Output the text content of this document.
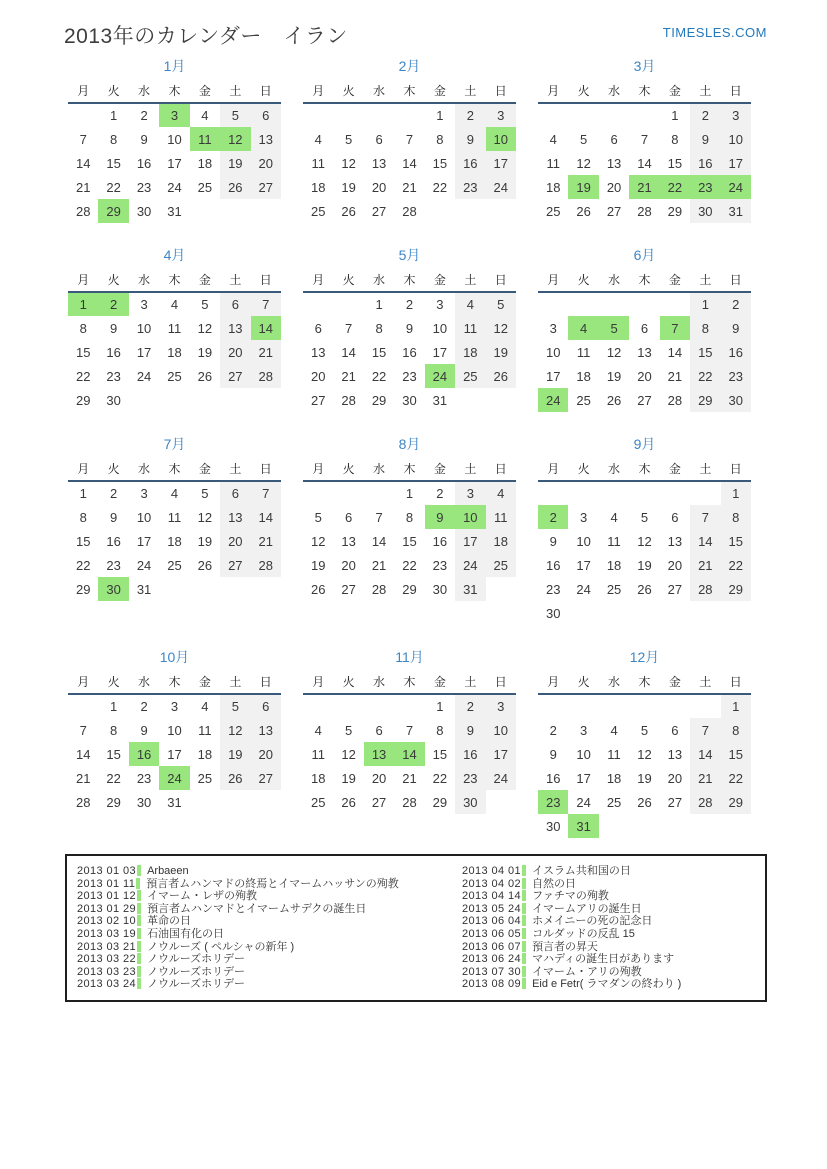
2013年のカレンダー　イラン	TIMESLES.COM
1月
月	火	水	木	金	土	日
	1	2	3	4	5	6
7	8	9	10	11	12	13
14	15	16	17	18	19	20
21	22	23	24	25	26	27
28	29	30	31			
2月
月	火	水	木	金	土	日
				1	2	3
4	5	6	7	8	9	10
11	12	13	14	15	16	17
18	19	20	21	22	23	24
25	26	27	28			
3月
月	火	水	木	金	土	日
				1	2	3
4	5	6	7	8	9	10
11	12	13	14	15	16	17
18	19	20	21	22	23	24
25	26	27	28	29	30	31
4月
月	火	水	木	金	土	日
1	2	3	4	5	6	7
8	9	10	11	12	13	14
15	16	17	18	19	20	21
22	23	24	25	26	27	28
29	30					
5月
月	火	水	木	金	土	日
		1	2	3	4	5
6	7	8	9	10	11	12
13	14	15	16	17	18	19
20	21	22	23	24	25	26
27	28	29	30	31		
6月
月	火	水	木	金	土	日
					1	2
3	4	5	6	7	8	9
10	11	12	13	14	15	16
17	18	19	20	21	22	23
24	25	26	27	28	29	30
7月
月	火	水	木	金	土	日
1	2	3	4	5	6	7
8	9	10	11	12	13	14
15	16	17	18	19	20	21
22	23	24	25	26	27	28
29	30	31				
8月
月	火	水	木	金	土	日
			1	2	3	4
5	6	7	8	9	10	11
12	13	14	15	16	17	18
19	20	21	22	23	24	25
26	27	28	29	30	31	
9月
月	火	水	木	金	土	日
						1
2	3	4	5	6	7	8
9	10	11	12	13	14	15
16	17	18	19	20	21	22
23	24	25	26	27	28	29
30						
10月
月	火	水	木	金	土	日
	1	2	3	4	5	6
7	8	9	10	11	12	13
14	15	16	17	18	19	20
21	22	23	24	25	26	27
28	29	30	31			
11月
月	火	水	木	金	土	日
				1	2	3
4	5	6	7	8	9	10
11	12	13	14	15	16	17
18	19	20	21	22	23	24
25	26	27	28	29	30	
12月
月	火	水	木	金	土	日
						1
2	3	4	5	6	7	8
9	10	11	12	13	14	15
16	17	18	19	20	21	22
23	24	25	26	27	28	29
30	31					
2013 01 03 Arbaeen
2013 01 11 預言者ムハンマドの終焉とイマームハッサンの殉教
2013 01 12 イマーム・レザの殉教
2013 01 29 預言者ムハンマドとイマームサデクの誕生日
2013 02 10 革命の日
2013 03 19 石油国有化の日
2013 03 21 ノウルーズ ( ペルシャの新年 )
2013 03 22 ノウルーズホリデー
2013 03 23 ノウルーズホリデー
2013 03 24 ノウルーズホリデー
2013 04 01 イスラム共和国の日
2013 04 02 自然の日
2013 04 14 ファチマの殉教
2013 05 24 イマームアリの誕生日
2013 06 04 ホメイニーの死の記念日
2013 06 05 コルダッドの反乱 15
2013 06 07 預言者の昇天
2013 06 24 マハディの誕生日があります
2013 07 30 イマーム・アリの殉教
2013 08 09 Eid e Fetr( ラマダンの終わり )
